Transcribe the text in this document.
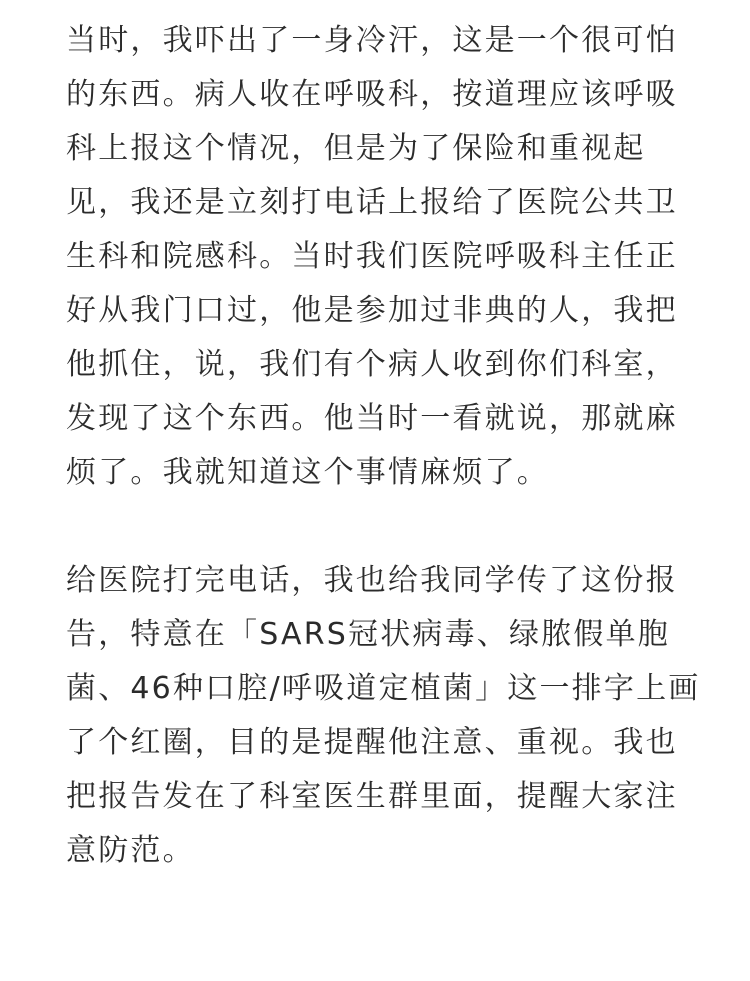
当时，我吓出了一身冷汗，这是一个很可怕
的东西。病人收在呼吸科，按道理应该呼吸
科上报这个情况，但是为了保险和重视起
见，我还是立刻打电话上报给了医院公共卫
生科和院感科。当时我们医院呼吸科主任正
好从我门口过，他是参加过非典的人，我把
他抓住，说，我们有个病人收到你们科室，
发现了这个东西。他当时一看就说，那就麻
烦了。我就知道这个事情麻烦了。

给医院打完电话，我也给我同学传了这份报
告，特意在「SARS冠状病毒、绿脓假单胞
菌、46种口腔/呼吸道定植菌」这一排字上画
了个红圈，目的是提醒他注意、重视。我也
把报告发在了科室医生群里面，提醒大家注
意防范。
